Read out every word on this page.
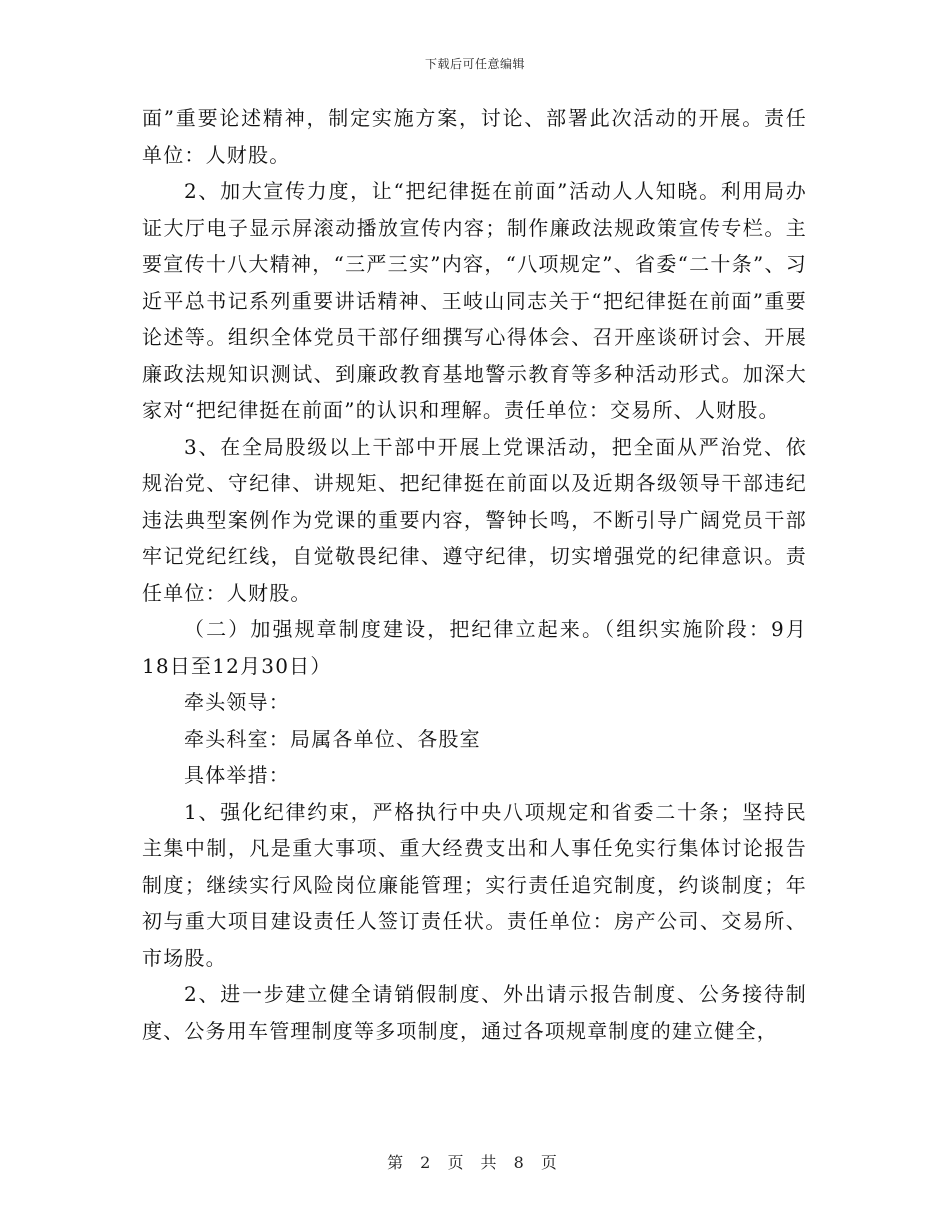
下载后可任意编辑

面”重要论述精神，制定实施方案，讨论、部署此次活动的开展。责任单位：人财股。

2、加大宣传力度，让“把纪律挺在前面”活动人人知晓。利用局办证大厅电子显示屏滚动播放宣传内容；制作廉政法规政策宣传专栏。主要宣传十八大精神，“三严三实”内容，“八项规定”、省委“二十条”、习近平总书记系列重要讲话精神、王岐山同志关于“把纪律挺在前面”重要论述等。组织全体党员干部仔细撰写心得体会、召开座谈研讨会、开展廉政法规知识测试、到廉政教育基地警示教育等多种活动形式。加深大家对“把纪律挺在前面”的认识和理解。责任单位：交易所、人财股。

3、在全局股级以上干部中开展上党课活动，把全面从严治党、依规治党、守纪律、讲规矩、把纪律挺在前面以及近期各级领导干部违纪违法典型案例作为党课的重要内容，警钟长鸣，不断引导广阔党员干部牢记党纪红线，自觉敬畏纪律、遵守纪律，切实增强党的纪律意识。责任单位：人财股。

（二）加强规章制度建设，把纪律立起来。（组织实施阶段：9月18日至12月30日）

牵头领导：

牵头科室：局属各单位、各股室

具体举措：

1、强化纪律约束，严格执行中央八项规定和省委二十条；坚持民主集中制，凡是重大事项、重大经费支出和人事任免实行集体讨论报告制度；继续实行风险岗位廉能管理；实行责任追究制度，约谈制度；年初与重大项目建设责任人签订责任状。责任单位：房产公司、交易所、市场股。

2、进一步建立健全请销假制度、外出请示报告制度、公务接待制度、公务用车管理制度等多项制度，通过各项规章制度的建立健全，

第 2 页 共 8 页
